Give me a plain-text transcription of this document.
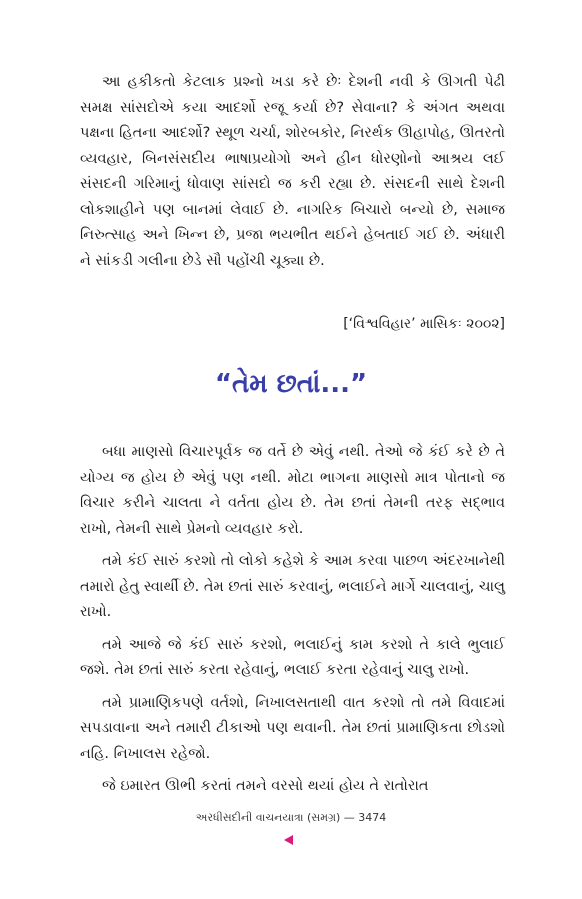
આ હકીકતો કેટલાક પ્રશ્નો ખડા કરે છેઃ દેશની નવી કે ઊગતી પેઢી સમક્ષ સાંસદોએ કયા આદર્શો રજૂ કર્યા છે? સેવાના? કે અંગત અથવા પક્ષના હિતના આદર્શો? સ્થૂળ ચર્ચા, શોરબકોર, નિરર્થક ઊહાપોહ, ઊતરતો વ્યવહાર, બિનસંસદીય ભાષાપ્રયોગો અને હીન ધોરણોનો આશ્રય લઈ સંસદની ગરિમાનું ધોવાણ સાંસદો જ કરી રહ્યા છે. સંસદની સાથે દેશની લોકશાહીને પણ બાનમાં લેવાઈ છે. નાગરિક બિચારો બન્યો છે, સમાજ નિરુત્સાહ અને ખિન્ન છે, પ્રજા ભયભીત થઈને હેબતાઈ ગઈ છે. અંધારી ને સાંકડી ગલીના છેડે સૌ પહોંચી ચૂક્યા છે.

[‘વિશ્વવિહાર’ માસિકઃ ૨૦૦૨]
“તેમ છતાં...”

બધા માણસો વિચારપૂર્વક જ વર્તે છે એવું નથી. તેઓ જે કંઈ કરે છે તે યોગ્ય જ હોય છે એવું પણ નથી. મોટા ભાગના માણસો માત્ર પોતાનો જ વિચાર કરીને ચાલતા ને વર્તતા હોય છે. તેમ છતાં તેમની તરફ સદ્ભાવ રાખો, તેમની સાથે પ્રેમનો વ્યવહાર કરો.

તમે કંઈ સારું કરશો તો લોકો કહેશે કે આમ કરવા પાછળ અંદરખાનેથી તમારો હેતુ સ્વાર્થી છે. તેમ છતાં સારું કરવાનું, ભલાઈને માર્ગે ચાલવાનું, ચાલુ રાખો.

તમે આજે જે કંઈ સારું કરશો, ભલાઈનું કામ કરશો તે કાલે ભુલાઈ જશે. તેમ છતાં સારું કરતા રહેવાનું, ભલાઈ કરતા રહેવાનું ચાલુ રાખો.

તમે પ્રામાણિકપણે વર્તશો, નિખાલસતાથી વાત કરશો તો તમે વિવાદમાં સપડાવાના અને તમારી ટીકાઓ પણ થવાની. તેમ છતાં પ્રામાણિકતા છોડશો નહિ. નિખાલસ રહેજો.

જે ઇમારત ઊભી કરતાં તમને વરસો થયાં હોય તે રાતોરાત

અરધીસદીની વાચનયાત્રા (સમગ્ર) — 3474
